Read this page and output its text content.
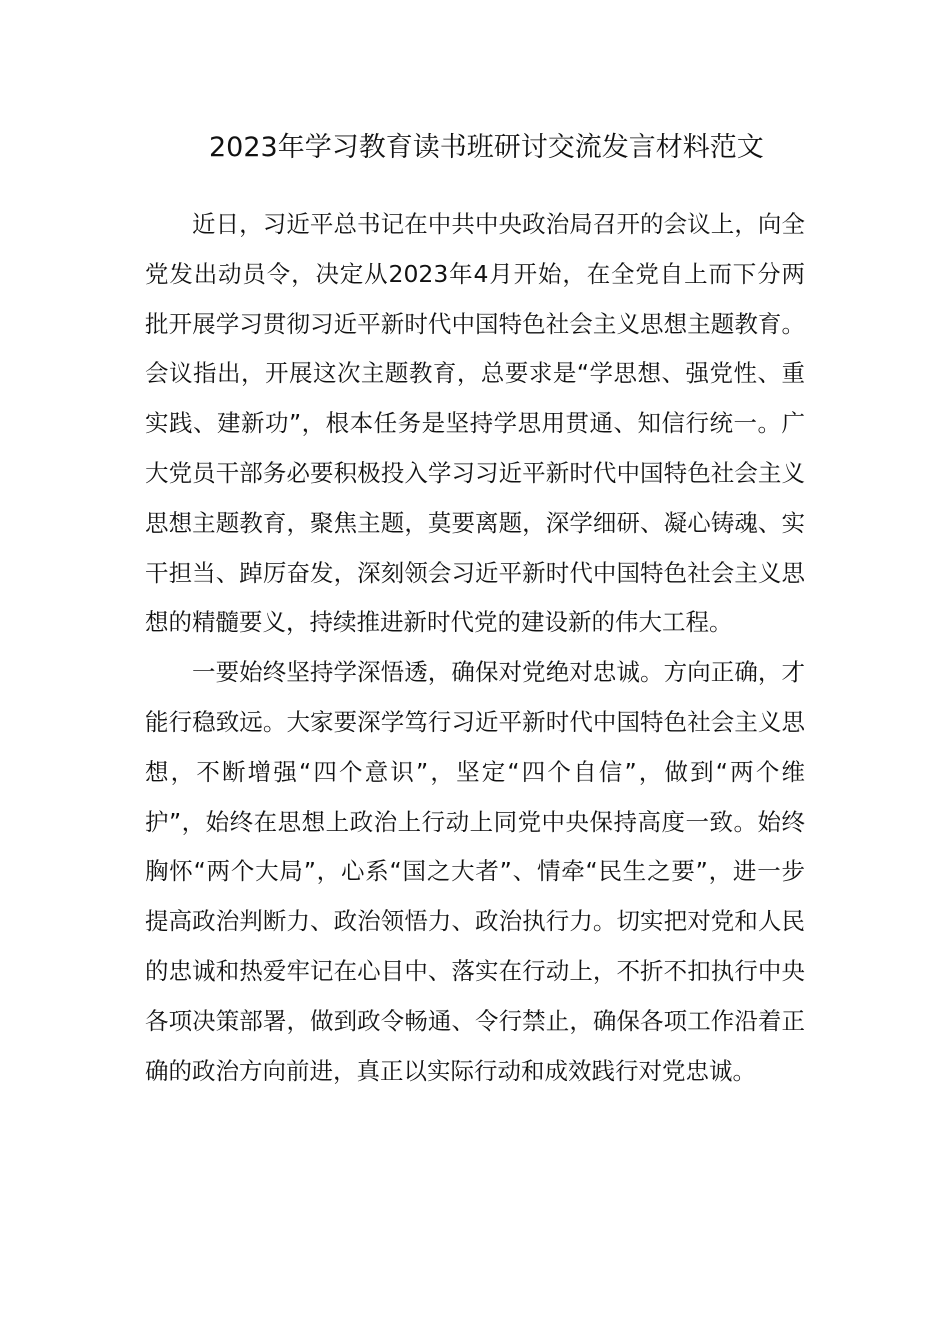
2023年学习教育读书班研讨交流发言材料范文

近日，习近平总书记在中共中央政治局召开的会议上，向全党发出动员令，决定从2023年4月开始，在全党自上而下分两批开展学习贯彻习近平新时代中国特色社会主义思想主题教育。会议指出，开展这次主题教育，总要求是“学思想、强党性、重实践、建新功”，根本任务是坚持学思用贯通、知信行统一。广大党员干部务必要积极投入学习习近平新时代中国特色社会主义思想主题教育，聚焦主题，莫要离题，深学细研、凝心铸魂、实干担当、踔厉奋发，深刻领会习近平新时代中国特色社会主义思想的精髓要义，持续推进新时代党的建设新的伟大工程。

一要始终坚持学深悟透，确保对党绝对忠诚。方向正确，才能行稳致远。大家要深学笃行习近平新时代中国特色社会主义思想，不断增强“四个意识”，坚定“四个自信”，做到“两个维护”，始终在思想上政治上行动上同党中央保持高度一致。始终胸怀“两个大局”，心系“国之大者”、情牵“民生之要”，进一步提高政治判断力、政治领悟力、政治执行力。切实把对党和人民的忠诚和热爱牢记在心目中、落实在行动上，不折不扣执行中央各项决策部署，做到政令畅通、令行禁止，确保各项工作沿着正确的政治方向前进，真正以实际行动和成效践行对党忠诚。
